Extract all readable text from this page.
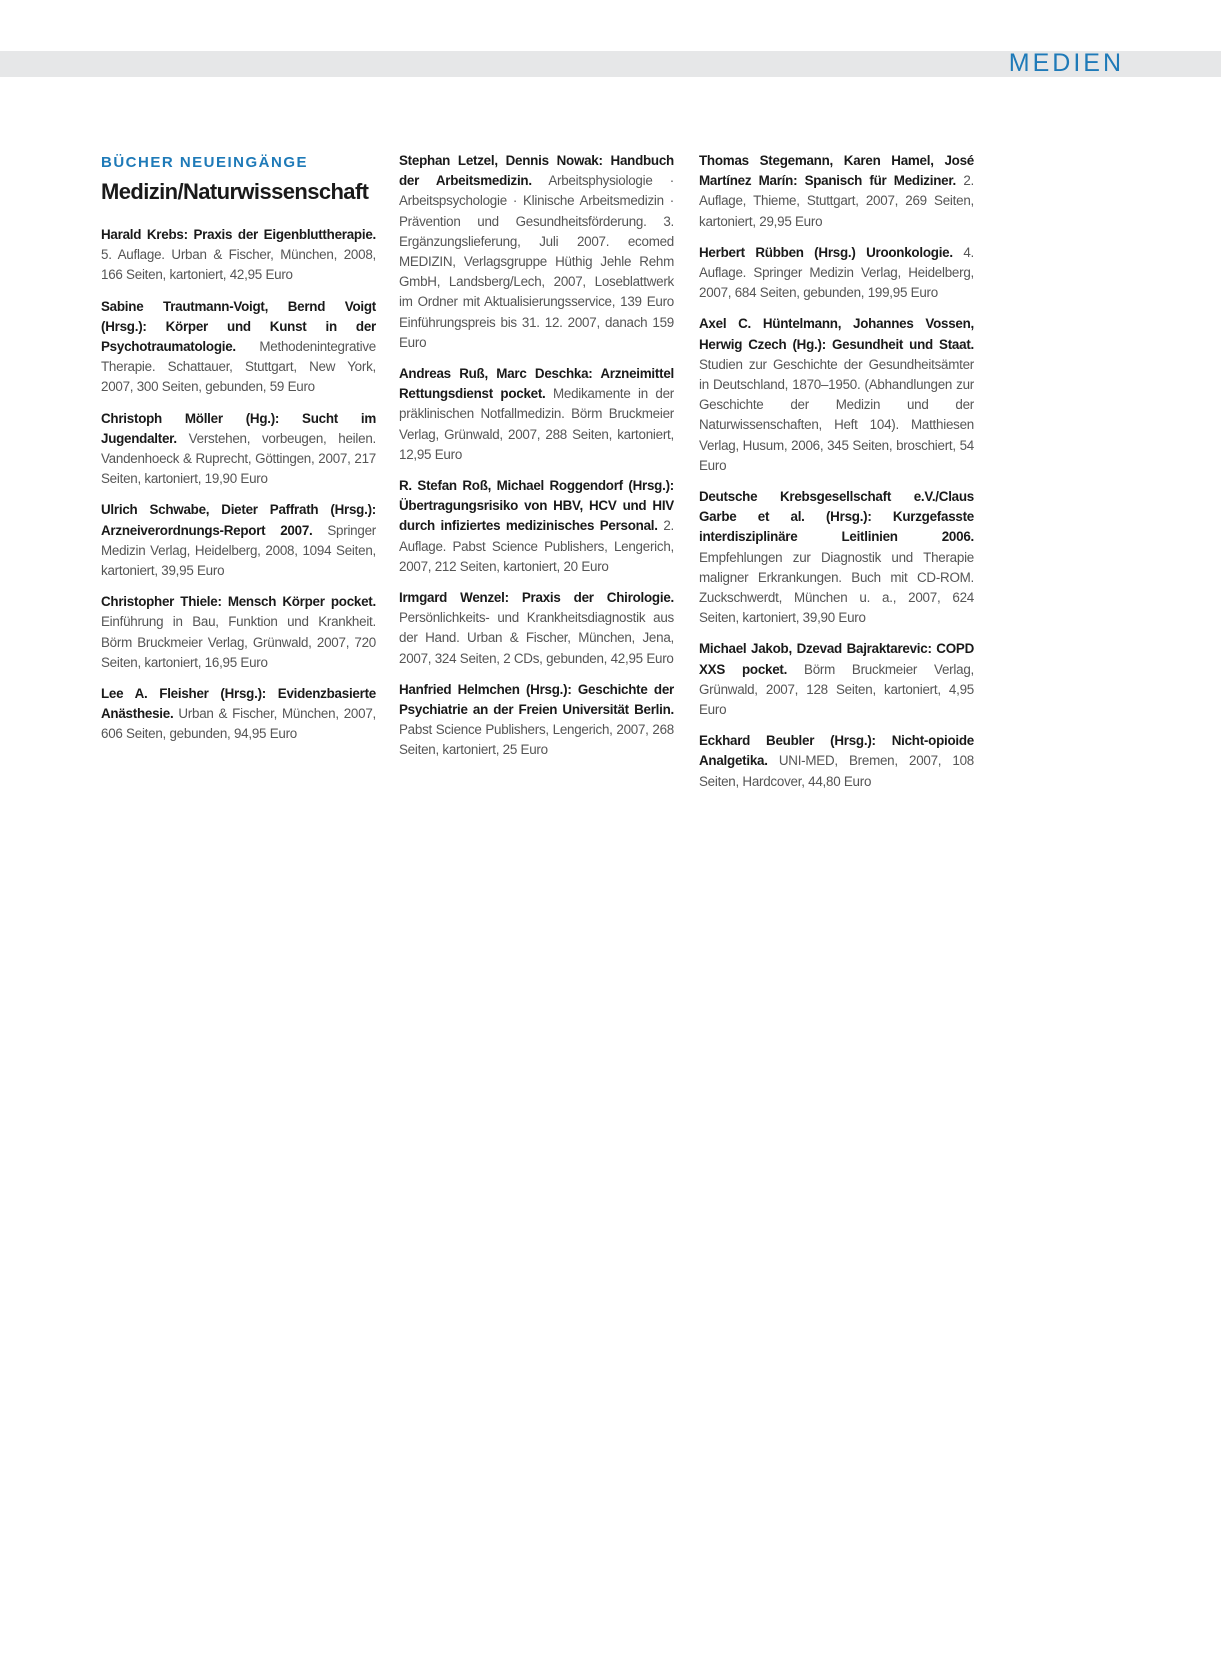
MEDIEN
BÜCHER NEUEINGÄNGE
Medizin/Naturwissenschaft

Harald Krebs: Praxis der Eigenbluttherapie. 5. Auflage. Urban & Fischer, München, 2008, 166 Seiten, kartoniert, 42,95 Euro

Sabine Trautmann-Voigt, Bernd Voigt (Hrsg.): Körper und Kunst in der Psychotraumatologie. Methodenintegrative Therapie. Schattauer, Stuttgart, New York, 2007, 300 Seiten, gebunden, 59 Euro

Christoph Möller (Hg.): Sucht im Jugendalter. Verstehen, vorbeugen, heilen. Vandenhoeck & Ruprecht, Göttingen, 2007, 217 Seiten, kartoniert, 19,90 Euro

Ulrich Schwabe, Dieter Paffrath (Hrsg.): Arzneiverordnungs-Report 2007. Springer Medizin Verlag, Heidelberg, 2008, 1094 Seiten, kartoniert, 39,95 Euro

Christopher Thiele: Mensch Körper pocket. Einführung in Bau, Funktion und Krankheit. Börm Bruckmeier Verlag, Grünwald, 2007, 720 Seiten, kartoniert, 16,95 Euro

Lee A. Fleisher (Hrsg.): Evidenzbasierte Anästhesie. Urban & Fischer, München, 2007, 606 Seiten, gebunden, 94,95 Euro

Stephan Letzel, Dennis Nowak: Handbuch der Arbeitsmedizin. Arbeitsphysiologie · Arbeitspsychologie · Klinische Arbeitsmedizin · Prävention und Gesundheitsförderung. 3. Ergänzungslieferung, Juli 2007. ecomed MEDIZIN, Verlagsgruppe Hüthig Jehle Rehm GmbH, Landsberg/Lech, 2007, Loseblattwerk im Ordner mit Aktualisierungsservice, 139 Euro Einführungspreis bis 31. 12. 2007, danach 159 Euro

Andreas Ruß, Marc Deschka: Arzneimittel Rettungsdienst pocket. Medikamente in der präklinischen Notfallmedizin. Börm Bruckmeier Verlag, Grünwald, 2007, 288 Seiten, kartoniert, 12,95 Euro

R. Stefan Roß, Michael Roggendorf (Hrsg.): Übertragungsrisiko von HBV, HCV und HIV durch infiziertes medizinisches Personal. 2. Auflage. Pabst Science Publishers, Lengerich, 2007, 212 Seiten, kartoniert, 20 Euro

Irmgard Wenzel: Praxis der Chirologie. Persönlichkeits- und Krankheitsdiagnostik aus der Hand. Urban & Fischer, München, Jena, 2007, 324 Seiten, 2 CDs, gebunden, 42,95 Euro

Hanfried Helmchen (Hrsg.): Geschichte der Psychiatrie an der Freien Universität Berlin. Pabst Science Publishers, Lengerich, 2007, 268 Seiten, kartoniert, 25 Euro

Thomas Stegemann, Karen Hamel, José Martínez Marín: Spanisch für Mediziner. 2. Auflage, Thieme, Stuttgart, 2007, 269 Seiten, kartoniert, 29,95 Euro

Herbert Rübben (Hrsg.) Uroonkologie. 4. Auflage. Springer Medizin Verlag, Heidelberg, 2007, 684 Seiten, gebunden, 199,95 Euro

Axel C. Hüntelmann, Johannes Vossen, Herwig Czech (Hg.): Gesundheit und Staat. Studien zur Geschichte der Gesundheitsämter in Deutschland, 1870–1950. (Abhandlungen zur Geschichte der Medizin und der Naturwissenschaften, Heft 104). Matthiesen Verlag, Husum, 2006, 345 Seiten, broschiert, 54 Euro

Deutsche Krebsgesellschaft e.V./Claus Garbe et al. (Hrsg.): Kurzgefasste interdisziplinäre Leitlinien 2006. Empfehlungen zur Diagnostik und Therapie maligner Erkrankungen. Buch mit CD-ROM. Zuckschwerdt, München u. a., 2007, 624 Seiten, kartoniert, 39,90 Euro

Michael Jakob, Dzevad Bajraktarevic: COPD XXS pocket. Börm Bruckmeier Verlag, Grünwald, 2007, 128 Seiten, kartoniert, 4,95 Euro

Eckhard Beubler (Hrsg.): Nicht-opioide Analgetika. UNI-MED, Bremen, 2007, 108 Seiten, Hardcover, 44,80 Euro
